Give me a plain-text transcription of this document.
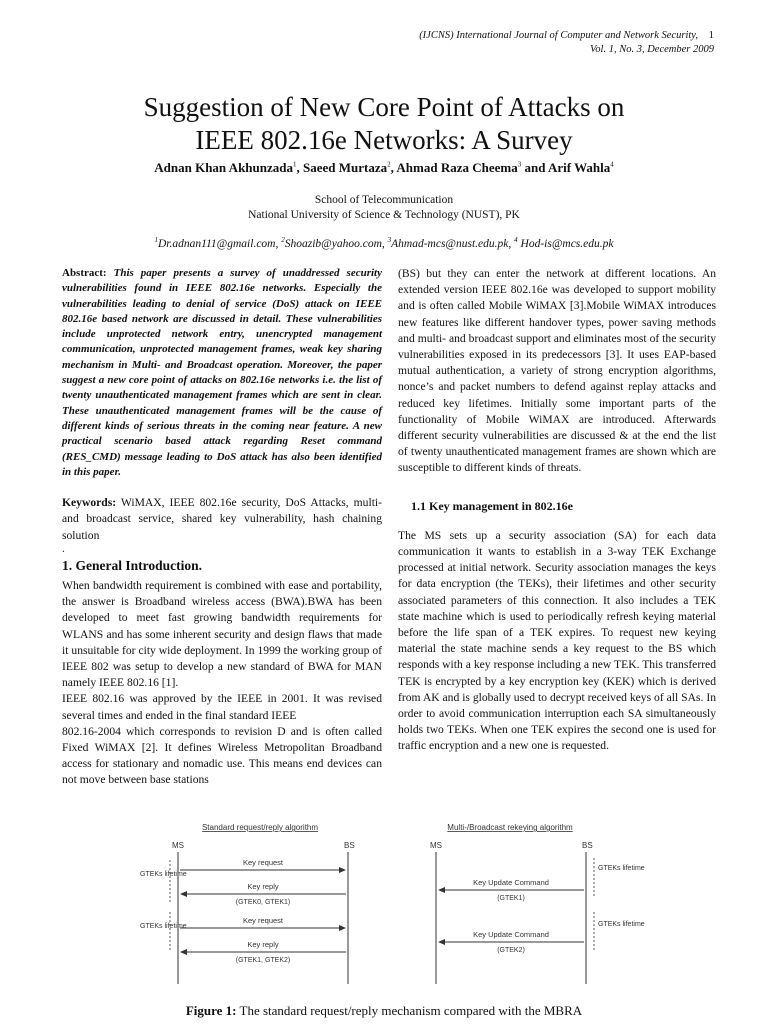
(IJCNS) International Journal of Computer and Network Security,
Vol. 1, No. 3, December 2009
1
Suggestion of New Core Point of Attacks on
IEEE 802.16e Networks: A Survey
Adnan Khan Akhunzada$^1$, Saeed Murtaza$^2$, Ahmad Raza Cheema$^3$ and Arif Wahla$^4$
School of Telecommunication
National University of Science & Technology (NUST), PK
$^1$Dr.adnan111@gmail.com, $^2$Shoazib@yahoo.com, $^3$Ahmad-mcs@nust.edu.pk, $^4$ Hod-is@mcs.edu.pk

Abstract: This paper presents a survey of unaddressed security vulnerabilities found in IEEE 802.16e networks. Especially the vulnerabilities leading to denial of service (DoS) attack on IEEE 802.16e based network are discussed in detail. These vulnerabilities include unprotected network entry, unencrypted management communication, unprotected management frames, weak key sharing mechanism in Multi- and Broadcast operation. Moreover, the paper suggest a new core point of attacks on 802.16e networks i.e. the list of twenty unauthenticated management frames which are sent in clear. These unauthenticated management frames will be the cause of different kinds of serious threats in the coming near feature. A new practical scenario based attack regarding Reset command (RES_CMD) message leading to DoS attack has also been identified in this paper.

Keywords: WiMAX, IEEE 802.16e security, DoS Attacks, multi- and broadcast service, shared key vulnerability, hash chaining solution

.
1. General Introduction.

When bandwidth requirement is combined with ease and portability, the answer is Broadband wireless access (BWA).BWA has been developed to meet fast growing bandwidth requirements for WLANS and has some inherent security and design flaws that made it unsuitable for city wide deployment. In 1999 the working group of IEEE 802 was setup to develop a new standard of BWA for MAN namely IEEE 802.16 [1].

IEEE 802.16 was approved by the IEEE in 2001. It was revised several times and ended in the final standard IEEE

802.16-2004 which corresponds to revision D and is often called Fixed WiMAX [2]. It defines Wireless Metropolitan Broadband access for stationary and nomadic use. This means end devices can not move between base stations

(BS) but they can enter the network at different locations. An extended version IEEE 802.16e was developed to support mobility and is often called Mobile WiMAX [3].Mobile WiMAX introduces new features like different handover types, power saving methods and multi- and broadcast support and eliminates most of the security vulnerabilities exposed in its predecessors [3]. It uses EAP-based mutual authentication, a variety of strong encryption algorithms, nonce’s and packet numbers to defend against replay attacks and reduced key lifetimes. Initially some important parts of the functionality of Mobile WiMAX are introduced. Afterwards different security vulnerabilities are discussed & at the end the list of twenty unauthenticated management frames are shown which are susceptible to different kinds of threats.

1.1 Key management in 802.16e

The MS sets up a security association (SA) for each data communication it wants to establish in a 3-way TEK Exchange processed at initial network. Security association manages the keys for data encryption (the TEKs), their lifetimes and other security associated parameters of this connection. It also includes a TEK state machine which is used to periodically refresh keying material before the life span of a TEK expires. To request new keying material the state machine sends a key request to the BS which responds with a key response including a new TEK. This transferred TEK is encrypted by a key encryption key (KEK) which is derived from AK and is globally used to decrypt received keys of all SAs. In order to avoid communication interruption each SA simultaneously holds two TEKs. When one TEK expires the second one is used for traffic encryption and a new one is requested.

Standard request/reply algorithm
MS	BS
GTEKs lifetime
GTEKs lifetime
Key request
Key reply
(GTEK0, GTEK1)
Key request
Key reply
(GTEK1, GTEK2)
Multi-/Broadcast rekeying algorithm
MS	BS
GTEKs lifetime
GTEKs lifetime
Key Update Command
(GTEK1)
Key Update Command
(GTEK2)
Figure 1: The standard request/reply mechanism compared with the MBRA
